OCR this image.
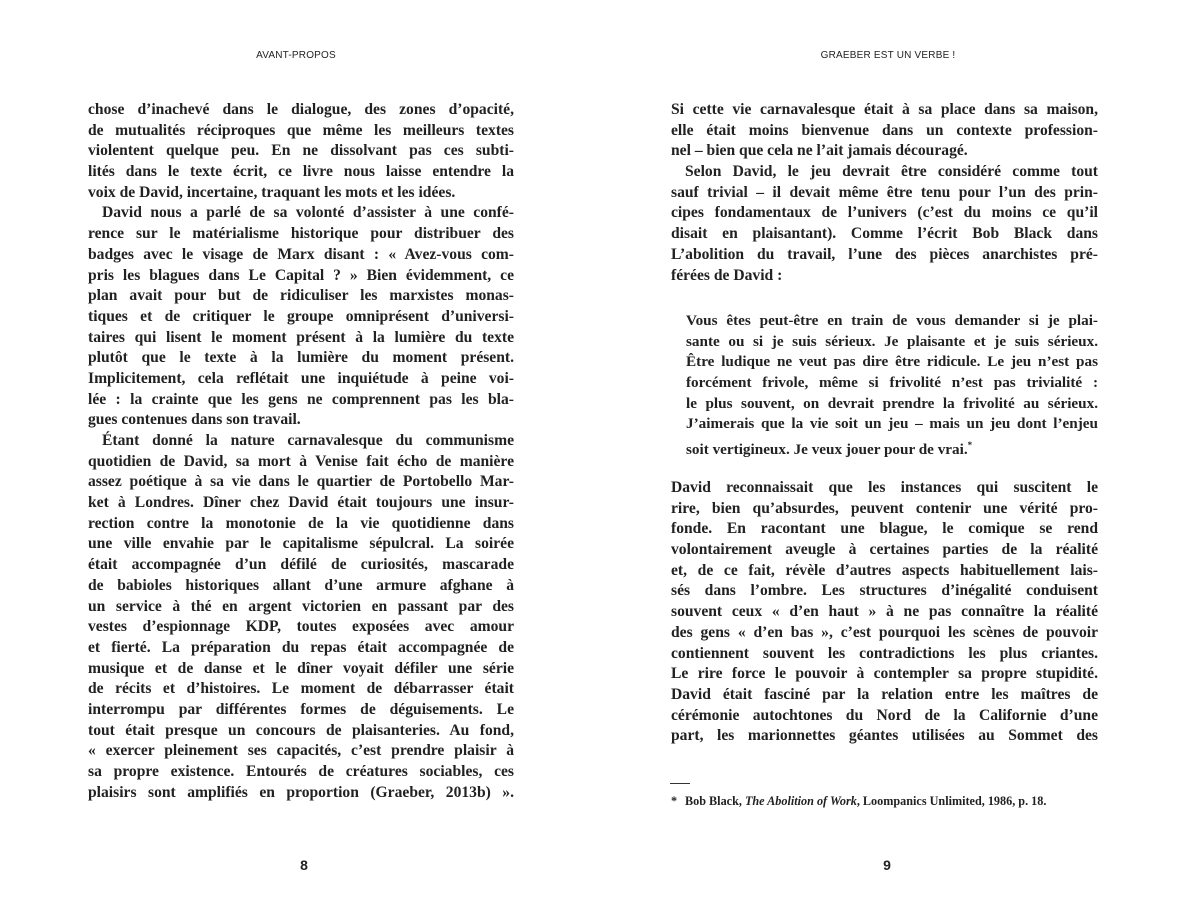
AVANT-PROPOS
chose d’inachevé dans le dialogue, des zones d’opacité,
de mutualités réciproques que même les meilleurs textes
violentent quelque peu. En ne dissolvant pas ces subti-
lités dans le texte écrit, ce livre nous laisse entendre la
voix de David, incertaine, traquant les mots et les idées.
David nous a parlé de sa volonté d’assister à une confé-
rence sur le matérialisme historique pour distribuer des
badges avec le visage de Marx disant : « Avez-vous com-
pris les blagues dans Le Capital ? » Bien évidemment, ce
plan avait pour but de ridiculiser les marxistes monas-
tiques et de critiquer le groupe omniprésent d’universi-
taires qui lisent le moment présent à la lumière du texte
plutôt que le texte à la lumière du moment présent.
Implicitement, cela reflétait une inquiétude à peine voi-
lée : la crainte que les gens ne comprennent pas les bla-
gues contenues dans son travail.
Étant donné la nature carnavalesque du communisme
quotidien de David, sa mort à Venise fait écho de manière
assez poétique à sa vie dans le quartier de Portobello Mar-
ket à Londres. Dîner chez David était toujours une insur-
rection contre la monotonie de la vie quotidienne dans
une ville envahie par le capitalisme sépulcral. La soirée
était accompagnée d’un défilé de curiosités, mascarade
de babioles historiques allant d’une armure afghane à
un service à thé en argent victorien en passant par des
vestes d’espionnage KDP, toutes exposées avec amour
et fierté. La préparation du repas était accompagnée de
musique et de danse et le dîner voyait défiler une série
de récits et d’histoires. Le moment de débarrasser était
interrompu par différentes formes de déguisements. Le
tout était presque un concours de plaisanteries. Au fond,
« exercer pleinement ses capacités, c’est prendre plaisir à
sa propre existence. Entourés de créatures sociables, ces
plaisirs sont amplifiés en proportion (Graeber, 2013b) ».
8
GRAEBER EST UN VERBE !
Si cette vie carnavalesque était à sa place dans sa maison,
elle était moins bienvenue dans un contexte profession-
nel – bien que cela ne l’ait jamais découragé.
Selon David, le jeu devrait être considéré comme tout
sauf trivial – il devait même être tenu pour l’un des prin-
cipes fondamentaux de l’univers (c’est du moins ce qu’il
disait en plaisantant). Comme l’écrit Bob Black dans
L’abolition du travail, l’une des pièces anarchistes pré-
férées de David :
Vous êtes peut-être en train de vous demander si je plai-
sante ou si je suis sérieux. Je plaisante et je suis sérieux.
Être ludique ne veut pas dire être ridicule. Le jeu n’est pas
forcément frivole, même si frivolité n’est pas trivialité :
le plus souvent, on devrait prendre la frivolité au sérieux.
J’aimerais que la vie soit un jeu – mais un jeu dont l’enjeu
soit vertigineux. Je veux jouer pour de vrai.*
David reconnaissait que les instances qui suscitent le
rire, bien qu’absurdes, peuvent contenir une vérité pro-
fonde. En racontant une blague, le comique se rend
volontairement aveugle à certaines parties de la réalité
et, de ce fait, révèle d’autres aspects habituellement lais-
sés dans l’ombre. Les structures d’inégalité conduisent
souvent ceux « d’en haut » à ne pas connaître la réalité
des gens « d’en bas », c’est pourquoi les scènes de pouvoir
contiennent souvent les contradictions les plus criantes.
Le rire force le pouvoir à contempler sa propre stupidité.
David était fasciné par la relation entre les maîtres de
cérémonie autochtones du Nord de la Californie d’une
part, les marionnettes géantes utilisées au Sommet des
* Bob Black, The Abolition of Work, Loompanics Unlimited, 1986, p. 18.
9
